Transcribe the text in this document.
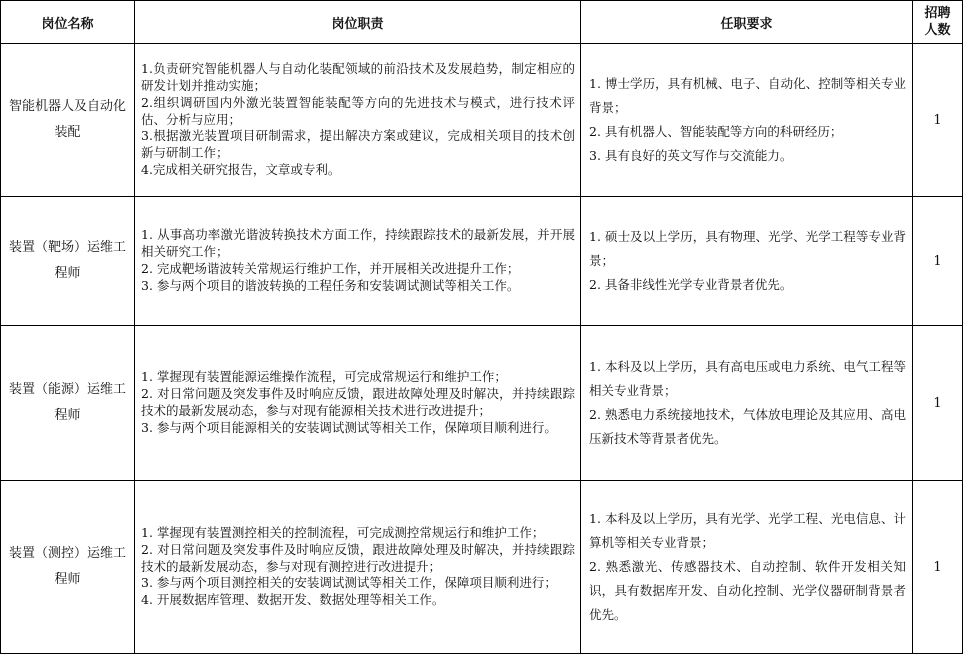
岗位名称	岗位职责	任职要求	招聘
人数

智能机器人及自动化装配	1.负责研究智能机器人与自动化装配领域的前沿技术及发展趋势，制定相应的研发计划并推动实施；
2.组织调研国内外激光装置智能装配等方向的先进技术与模式，进行技术评估、分析与应用；
3.根据激光装置项目研制需求，提出解决方案或建议，完成相关项目的技术创新与研制工作；
4.完成相关研究报告，文章或专利。	1. 博士学历，具有机械、电子、自动化、控制等相关专业背景；
2. 具有机器人、智能装配等方向的科研经历；
3. 具有良好的英文写作与交流能力。	1
装置（靶场）运维工程师	1. 从事高功率激光谐波转换技术方面工作，持续跟踪技术的最新发展，并开展相关研究工作；
2. 完成靶场谐波转关常规运行维护工作，并开展相关改进提升工作；
3. 参与两个项目的谐波转换的工程任务和安装调试测试等相关工作。	1. 硕士及以上学历，具有物理、光学、光学工程等专业背景；
2. 具备非线性光学专业背景者优先。	1
装置（能源）运维工程师	1. 掌握现有装置能源运维操作流程，可完成常规运行和维护工作；
2. 对日常问题及突发事件及时响应反馈，跟进故障处理及时解决，并持续跟踪技术的最新发展动态，参与对现有能源相关技术进行改进提升；
3. 参与两个项目能源相关的安装调试测试等相关工作，保障项目顺利进行。	1. 本科及以上学历，具有高电压或电力系统、电气工程等相关专业背景；
2. 熟悉电力系统接地技术，气体放电理论及其应用、高电压新技术等背景者优先。	1
装置（测控）运维工程师	1. 掌握现有装置测控相关的控制流程，可完成测控常规运行和维护工作；
2. 对日常问题及突发事件及时响应反馈，跟进故障处理及时解决，并持续跟踪技术的最新发展动态，参与对现有测控进行改进提升；
3. 参与两个项目测控相关的安装调试测试等相关工作，保障项目顺利进行；
4. 开展数据库管理、数据开发、数据处理等相关工作。	1. 本科及以上学历，具有光学、光学工程、光电信息、计算机等相关专业背景；
2. 熟悉激光、传感器技术、自动控制、软件开发相关知识，具有数据库开发、自动化控制、光学仪器研制背景者优先。	1
